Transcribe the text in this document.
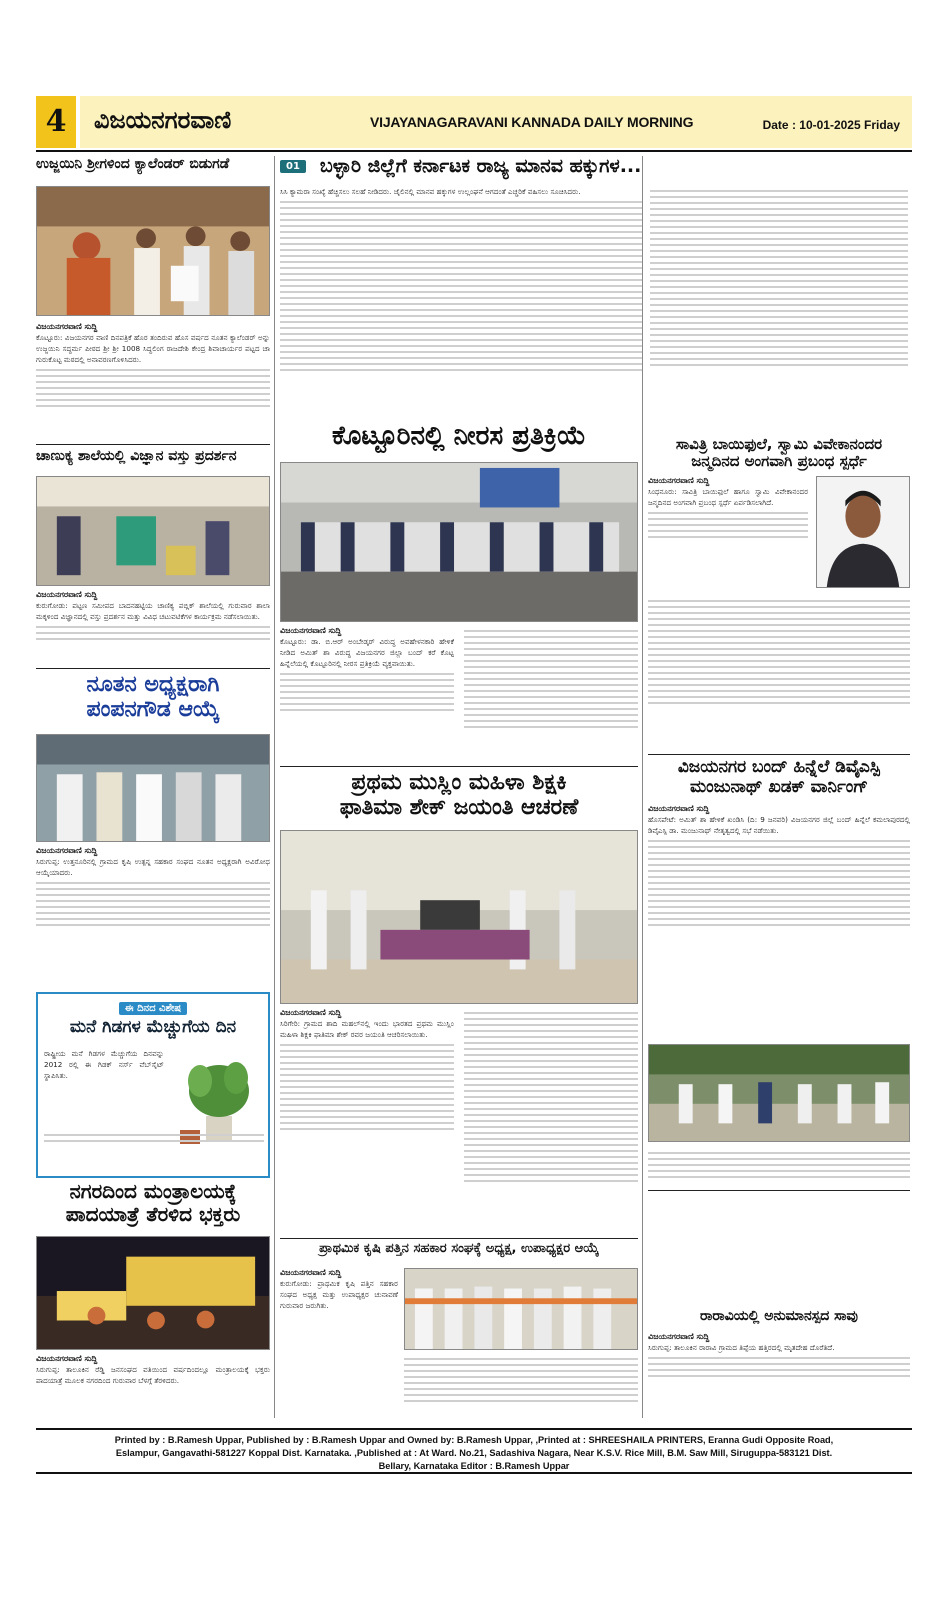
4	ವಿಜಯನಗರವಾಣಿ	VIJAYANAGARAVANI KANNADA DAILY MORNING	Date : 10-01-2025 Friday
ಉಜ್ಜಯಿನಿ ಶ್ರೀಗಳಿಂದ ಕ್ಯಾಲೆಂಡರ್ ಬಿಡುಗಡೆ
ವಿಜಯನಗರವಾಣಿ ಸುದ್ದಿ
ಕೊಟ್ಟೂರು: ವಿಜಯನಗರ ವಾಣಿ ದಿನಪತ್ರಿಕೆ ಹೊರ ತಂದಿರುವ ಹೊಸ ವರ್ಷದ ನೂತನ ಕ್ಯಾಲೆಂಡರ್ ಅನ್ನು ಉಜ್ಜಯಿನಿ ಸದ್ಧರ್ಮ ಪೀಠದ ಶ್ರೀ ಶ್ರೀ 1008 ಸಿದ್ಧಲಿಂಗ ರಾಜದೇಶಿ ಕೇಂದ್ರ ಶಿವಾಚಾರ್ಯರ ಪಟ್ಟದ ಚಾ ಗುರುಕೊಟ್ಟ ಮಠದಲ್ಲಿ ಅನಾವರಣಗೊಳಿಸಿದರು.
ಚಾಣುಕ್ಯ ಶಾಲೆಯಲ್ಲಿ ವಿಜ್ಞಾನ ವಸ್ತು ಪ್ರದರ್ಶನ
ವಿಜಯನಗರವಾಣಿ ಸುದ್ದಿ
ಕುರುಗೋಡು: ಪಟ್ಟಣ ಸಮೀಪದ ಬಾದನಹಟ್ಟಿಯ ಚಾಣಿಕ್ಯ ಪಬ್ಲಿಕ್ ಶಾಲೆಯಲ್ಲಿ ಗುರುವಾರ ಶಾಲಾ ಮಕ್ಕಳಿಂದ ವಿಜ್ಞಾನದಲ್ಲಿ ವಸ್ತು ಪ್ರದರ್ಶನ ಮತ್ತು ವಿವಿಧ ಚಟುವಟಿಕೆಗಳ ಕಾರ್ಯಕ್ರಮ ನಡೆಸಲಾಯಿತು.
ನೂತನ ಅಧ್ಯಕ್ಷರಾಗಿ
ಪಂಪನಗೌಡ ಆಯ್ಕೆ
ವಿಜಯನಗರವಾಣಿ ಸುದ್ದಿ
ಸಿರುಗುಪ್ಪ: ಉತ್ತನೂರಿನಲ್ಲಿ ಗ್ರಾಮದ ಕೃಷಿ ಉತ್ಪನ್ನ ಸಹಕಾರ ಸಂಘದ ನೂತನ ಅಧ್ಯಕ್ಷರಾಗಿ ಅವಿರೋಧ ಆಯ್ಕೆಯಾದರು.
ಈ ದಿನದ ವಿಶೇಷ
ಮನೆ ಗಿಡಗಳ ಮೆಚ್ಚುಗೆಯ ದಿನ
ರಾಷ್ಟ್ರೀಯ ಮನೆ ಗಿಡಗಳ ಮೆಚ್ಚುಗೆಯ ದಿನವನ್ನು 2012 ರಲ್ಲಿ ಈ ಗಿಡಕ್ ನರ್ಸ್ ವೆಬ್‌ಸೈಟ್ ಸ್ಥಾಪಿಸಿತು.
ನಗರದಿಂದ ಮಂತ್ರಾಲಯಕ್ಕೆ
ಪಾದಯಾತ್ರೆ ತೆರಳಿದ ಭಕ್ತರು
ವಿಜಯನಗರವಾಣಿ ಸುದ್ದಿ
ಸಿರುಗುಪ್ಪ: ತಾಲೂಕಿನ ರೆಡ್ಡಿ ಜನಸಂಘದ ವತಿಯಿಂದ ವರ್ಷದಿಂದಲ್ಲೂ ಮಂತ್ರಾಲಯಕ್ಕೆ ಭಕ್ತರು ಪಾದಯಾತ್ರೆ ಮೂಲಕ ನಗರದಿಂದ ಗುರುವಾರ ಬೆಳಗ್ಗೆ ತೆರಳಿದರು.
01	ಬಳ್ಳಾರಿ ಜಿಲ್ಲೆಗೆ ಕರ್ನಾಟಕ ರಾಜ್ಯ ಮಾನವ ಹಕ್ಕುಗಳ...
ಸಿಸಿ ಕ್ಯಾಮರಾ ಸಂಖ್ಯೆ ಹೆಚ್ಚಿಸಲು ಸಲಹೆ ನೀಡಿದರು. ಜೈಲಿನಲ್ಲಿ ಮಾನವ ಹಕ್ಕುಗಳ ಉಲ್ಲಂಘನೆ ಆಗದಂತೆ ಎಚ್ಚರಿಕೆ ವಹಿಸಲು ಸೂಚಿಸಿದರು.
ಕೊಟ್ಟೂರಿನಲ್ಲಿ ನೀರಸ ಪ್ರತಿಕ್ರಿಯೆ
ವಿಜಯನಗರವಾಣಿ ಸುದ್ದಿ
ಕೊಟ್ಟೂರು: ಡಾ. ಬಿ.ಆರ್ ಅಂಬೇಡ್ಕರ್ ವಿರುದ್ಧ ಅವಹೇಳನಕಾರಿ ಹೇಳಿಕೆ ನೀಡಿದ ಅಮಿತ್ ಶಾ ವಿರುದ್ಧ ವಿಜಯನಗರ ಜಿಲ್ಲಾ ಬಂದ್ ಕರೆ ಕೊಟ್ಟ ಹಿನ್ನೆಲೆಯಲ್ಲಿ ಕೊಟ್ಟೂರಿನಲ್ಲಿ ನೀರಸ ಪ್ರತಿಕ್ರಿಯೆ ವ್ಯಕ್ತವಾಯಿತು.
ಪ್ರಥಮ ಮುಸ್ಲಿಂ ಮಹಿಳಾ ಶಿಕ್ಷಕಿ
ಫಾತಿಮಾ ಶೇಕ್ ಜಯಂತಿ ಆಚರಣೆ
ವಿಜಯನಗರವಾಣಿ ಸುದ್ದಿ
ಸಿರಿಗೇರಿ: ಗ್ರಾಮದ ಶಾದಿ ಮಹಲ್‌ನಲ್ಲಿ ಇಂದು ಭಾರತದ ಪ್ರಥಮ ಮುಸ್ಲಿಂ ಮಹಿಳಾ ಶಿಕ್ಷಕಿ ಫಾತಿಮಾ ಶೇಕ್ ರವರ ಜಯಂತಿ ಆಚರಿಸಲಾಯಿತು.
ಪ್ರಾಥಮಿಕ ಕೃಷಿ ಪತ್ತಿನ ಸಹಕಾರ ಸಂಘಕ್ಕೆ ಅಧ್ಯಕ್ಷ, ಉಪಾಧ್ಯಕ್ಷರ ಆಯ್ಕೆ
ವಿಜಯನಗರವಾಣಿ ಸುದ್ದಿ
ಕುರುಗೋಡು: ಪ್ರಾಥಮಿಕ ಕೃಷಿ ಪತ್ತಿನ ಸಹಕಾರ ಸಂಘದ ಅಧ್ಯಕ್ಷ ಮತ್ತು ಉಪಾಧ್ಯಕ್ಷರ ಚುನಾವಣೆ ಗುರುವಾರ ಜರುಗಿತು.
ಸಾವಿತ್ರಿ ಬಾಯಿಫುಲೆ, ಸ್ವಾಮಿ ವಿವೇಕಾನಂದರ
ಜನ್ಮದಿನದ ಅಂಗವಾಗಿ ಪ್ರಬಂಧ ಸ್ಪರ್ಧೆ
ವಿಜಯನಗರವಾಣಿ ಸುದ್ದಿ
ಸಿಂಧನೂರು: ಸಾವಿತ್ರಿ ಬಾಯಿಫುಲೆ ಹಾಗೂ ಸ್ವಾಮಿ ವಿವೇಕಾನಂದರ ಜನ್ಮದಿನದ ಅಂಗವಾಗಿ ಪ್ರಬಂಧ ಸ್ಪರ್ಧೆ ಏರ್ಪಡಿಸಲಾಗಿದೆ.
ವಿಜಯನಗರ ಬಂದ್ ಹಿನ್ನೆಲೆ ಡಿವೈಎಸ್ಪಿ
ಮಂಜುನಾಥ್ ಖಡಕ್ ವಾರ್ನಿಂಗ್
ವಿಜಯನಗರವಾಣಿ ಸುದ್ದಿ
ಹೊಸಪೇಟೆ: ಅಮಿತ್ ಶಾ ಹೇಳಿಕೆ ಖಂಡಿಸಿ (ದಿ: 9 ಜನವರಿ) ವಿಜಯನಗರ ಜಿಲ್ಲೆ ಬಂದ್ ಹಿನ್ನೆಲೆ ಕಮಲಾಪುರದಲ್ಲಿ ಡಿವೈಎಸ್ಪಿ ಡಾ. ಮಂಜುನಾಥ್ ನೇತೃತ್ವದಲ್ಲಿ ಸಭೆ ನಡೆಯಿತು.
ರಾರಾವಿಯಲ್ಲಿ ಅನುಮಾನಸ್ಪದ ಸಾವು
ವಿಜಯನಗರವಾಣಿ ಸುದ್ದಿ
ಸಿರುಗುಪ್ಪ: ತಾಲೂಕಿನ ರಾರಾವಿ ಗ್ರಾಮದ ತಿಪ್ಪೆಯ ಹತ್ತಿರದಲ್ಲಿ ಮೃತದೇಹ ದೊರೆತಿದೆ.
Printed by : B.Ramesh Uppar, Published by : B.Ramesh Uppar and Owned by: B.Ramesh Uppar, ,Printed at : SHREESHAILA PRINTERS, Eranna Gudi Opposite Road,
Eslampur, Gangavathi-581227 Koppal Dist. Karnataka. ,Published at : At Ward. No.21, Sadashiva Nagara, Near K.S.V. Rice Mill, B.M. Saw Mill, Siruguppa-583121 Dist.
Bellary, Karnataka Editor : B.Ramesh Uppar
